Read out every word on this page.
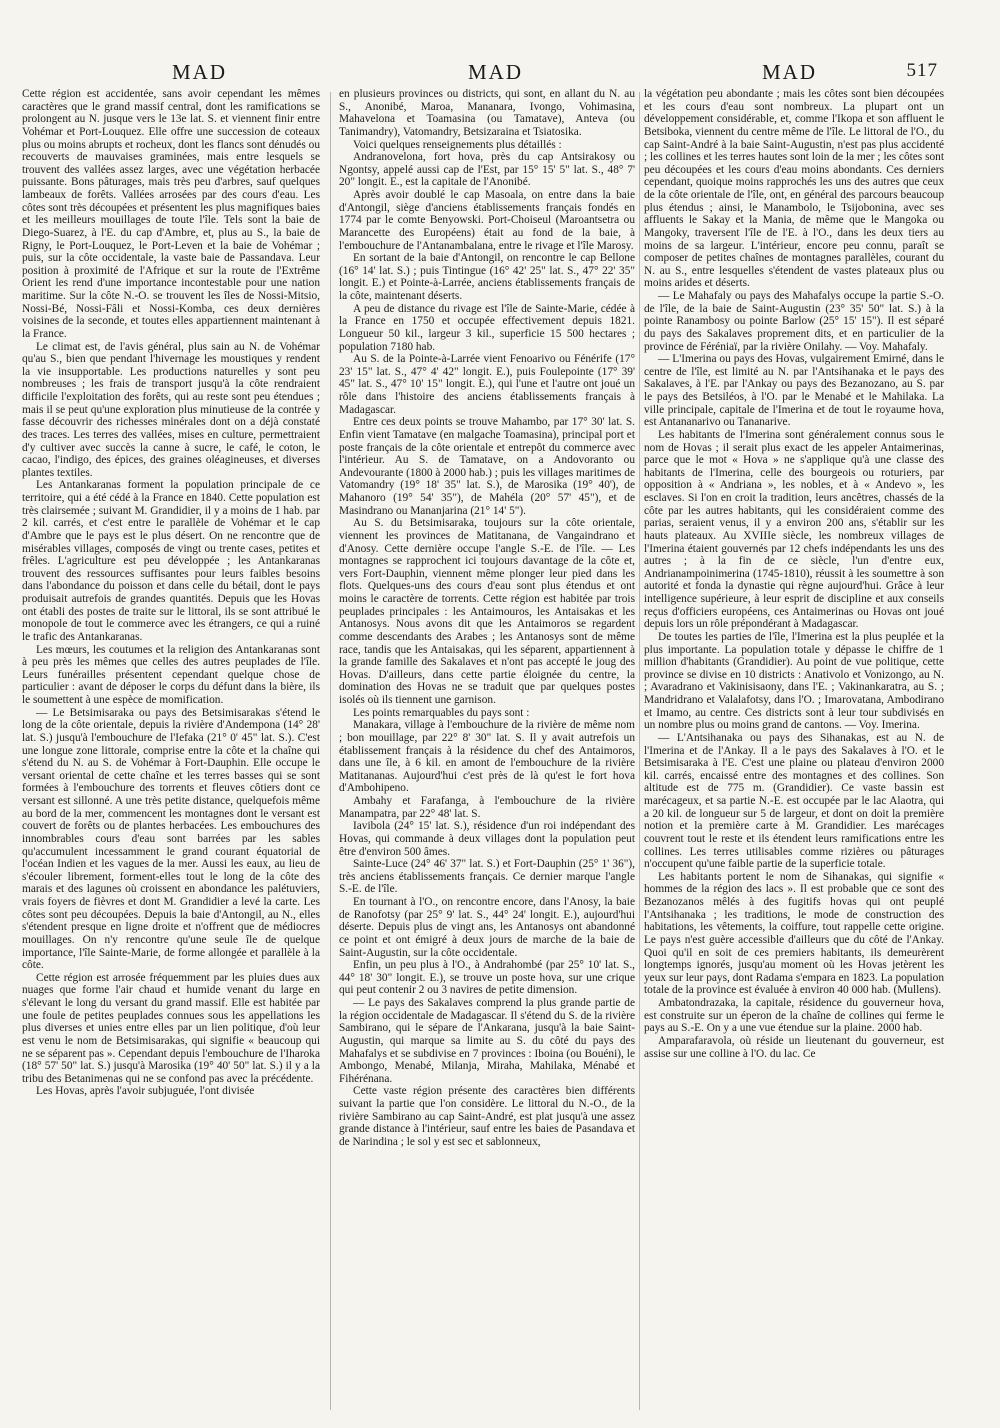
MAD	MAD	MAD	517

Cette région est accidentée, sans avoir cependant les mêmes caractères que le grand massif central, dont les ramifications se prolongent au N. jusque vers le 13e lat. S. et viennent finir entre Vohémar et Port-Louquez. Elle offre une succession de coteaux plus ou moins abrupts et rocheux, dont les flancs sont dénudés ou recouverts de mauvaises graminées, mais entre lesquels se trouvent des vallées assez larges, avec une végétation herbacée puissante. Bons pâturages, mais très peu d'arbres, sauf quelques lambeaux de forêts. Vallées arrosées par des cours d'eau. Les côtes sont très découpées et présentent les plus magnifiques baies et les meilleurs mouillages de toute l'île. Tels sont la baie de Diego-Suarez, à l'E. du cap d'Ambre, et, plus au S., la baie de Rigny, le Port-Louquez, le Port-Leven et la baie de Vohémar ; puis, sur la côte occidentale, la vaste baie de Passandava. Leur position à proximité de l'Afrique et sur la route de l'Extrême Orient les rend d'une importance incontestable pour une nation maritime. Sur la côte N.-O. se trouvent les îles de Nossi-Mitsio, Nossi-Bé, Nossi-Fâli et Nossi-Komba, ces deux dernières voisines de la seconde, et toutes elles appartiennent maintenant à la France.

Le climat est, de l'avis général, plus sain au N. de Vohémar qu'au S., bien que pendant l'hivernage les moustiques y rendent la vie insupportable. Les productions naturelles y sont peu nombreuses ; les frais de transport jusqu'à la côte rendraient difficile l'exploitation des forêts, qui au reste sont peu étendues ; mais il se peut qu'une exploration plus minutieuse de la contrée y fasse découvrir des richesses minérales dont on a déjà constaté des traces. Les terres des vallées, mises en culture, permettraient d'y cultiver avec succès la canne à sucre, le café, le coton, le cacao, l'indigo, des épices, des graines oléagineuses, et diverses plantes textiles.

Les Antankaranas forment la population principale de ce territoire, qui a été cédé à la France en 1840. Cette population est très clairsemée ; suivant M. Grandidier, il y a moins de 1 hab. par 2 kil. carrés, et c'est entre le parallèle de Vohémar et le cap d'Ambre que le pays est le plus désert. On ne rencontre que de misérables villages, composés de vingt ou trente cases, petites et frêles. L'agriculture est peu développée ; les Antankaranas trouvent des ressources suffisantes pour leurs faibles besoins dans l'abondance du poisson et dans celle du bétail, dont le pays produisait autrefois de grandes quantités. Depuis que les Hovas ont établi des postes de traite sur le littoral, ils se sont attribué le monopole de tout le commerce avec les étrangers, ce qui a ruiné le trafic des Antankaranas.

Les mœurs, les coutumes et la religion des Antankaranas sont à peu près les mêmes que celles des autres peuplades de l'île. Leurs funérailles présentent cependant quelque chose de particulier : avant de déposer le corps du défunt dans la bière, ils le soumettent à une espèce de momification.

— Le Betsimisaraka ou pays des Betsimisarakas s'étend le long de la côte orientale, depuis la rivière d'Andempona (14° 28' lat. S.) jusqu'à l'embouchure de l'Iefaka (21° 0' 45" lat. S.). C'est une longue zone littorale, comprise entre la côte et la chaîne qui s'étend du N. au S. de Vohémar à Fort-Dauphin. Elle occupe le versant oriental de cette chaîne et les terres basses qui se sont formées à l'embouchure des torrents et fleuves côtiers dont ce versant est sillonné. A une très petite distance, quelquefois même au bord de la mer, commencent les montagnes dont le versant est couvert de forêts ou de plantes herbacées. Les embouchures des innombrables cours d'eau sont barrées par les sables qu'accumulent incessamment le grand courant équatorial de l'océan Indien et les vagues de la mer. Aussi les eaux, au lieu de s'écouler librement, forment-elles tout le long de la côte des marais et des lagunes où croissent en abondance les palétuviers, vrais foyers de fièvres et dont M. Grandidier a levé la carte. Les côtes sont peu découpées. Depuis la baie d'Antongil, au N., elles s'étendent presque en ligne droite et n'offrent que de médiocres mouillages. On n'y rencontre qu'une seule île de quelque importance, l'île Sainte-Marie, de forme allongée et parallèle à la côte.

Cette région est arrosée fréquemment par les pluies dues aux nuages que forme l'air chaud et humide venant du large en s'élevant le long du versant du grand massif. Elle est habitée par une foule de petites peuplades connues sous les appellations les plus diverses et unies entre elles par un lien politique, d'où leur est venu le nom de Betsimisarakas, qui signifie « beaucoup qui ne se séparent pas ». Cependant depuis l'embouchure de l'Iharoka (18° 57' 50" lat. S.) jusqu'à Marosika (19° 40' 50" lat. S.) il y a la tribu des Betanimenas qui ne se confond pas avec la précédente.

Les Hovas, après l'avoir subjuguée, l'ont divisée

en plusieurs provinces ou districts, qui sont, en allant du N. au S., Anonibé, Maroa, Mananara, Ivongo, Vohimasina, Mahavelona et Toamasina (ou Tamatave), Anteva (ou Tanimandry), Vatomandry, Betsizaraina et Tsiatosika.

Voici quelques renseignements plus détaillés :

Andranovelona, fort hova, près du cap Antsirakosy ou Ngontsy, appelé aussi cap de l'Est, par 15° 15' 5" lat. S., 48° 7' 20" longit. E., est la capitale de l'Anonibé.

Après avoir doublé le cap Masoala, on entre dans la baie d'Antongil, siège d'anciens établissements français fondés en 1774 par le comte Benyowski. Port-Choiseul (Maroantsetra ou Marancette des Européens) était au fond de la baie, à l'embouchure de l'Antanambalana, entre le rivage et l'île Marosy.

En sortant de la baie d'Antongil, on rencontre le cap Bellone (16° 14' lat. S.) ; puis Tintingue (16° 42' 25" lat. S., 47° 22' 35" longit. E.) et Pointe-à-Larrée, anciens établissements français de la côte, maintenant déserts.

A peu de distance du rivage est l'île de Sainte-Marie, cédée à la France en 1750 et occupée effectivement depuis 1821. Longueur 50 kil., largeur 3 kil., superficie 15 500 hectares ; population 7180 hab.

Au S. de la Pointe-à-Larrée vient Fenoarivo ou Fénérife (17° 23' 15" lat. S., 47° 4' 42" longit. E.), puis Foulepointe (17° 39' 45" lat. S., 47° 10' 15" longit. E.), qui l'une et l'autre ont joué un rôle dans l'histoire des anciens établissements français à Madagascar.

Entre ces deux points se trouve Mahambo, par 17° 30' lat. S. Enfin vient Tamatave (en malgache Toamasina), principal port et poste français de la côte orientale et entrepôt du commerce avec l'intérieur. Au S. de Tamatave, on a Andovoranto ou Andevourante (1800 à 2000 hab.) ; puis les villages maritimes de Vatomandry (19° 18' 35" lat. S.), de Marosika (19° 40'), de Mahanoro (19° 54' 35"), de Mahéla (20° 57' 45"), et de Masindrano ou Mananjarina (21° 14' 5").

Au S. du Betsimisaraka, toujours sur la côte orientale, viennent les provinces de Matitanana, de Vangaindrano et d'Anosy. Cette dernière occupe l'angle S.-E. de l'île. — Les montagnes se rapprochent ici toujours davantage de la côte et, vers Fort-Dauphin, viennent même plonger leur pied dans les flots. Quelques-uns des cours d'eau sont plus étendus et ont moins le caractère de torrents. Cette région est habitée par trois peuplades principales : les Antaimouros, les Antaisakas et les Antanosys. Nous avons dit que les Antaimoros se regardent comme descendants des Arabes ; les Antanosys sont de même race, tandis que les Antaisakas, qui les séparent, appartiennent à la grande famille des Sakalaves et n'ont pas accepté le joug des Hovas. D'ailleurs, dans cette partie éloignée du centre, la domination des Hovas ne se traduit que par quelques postes isolés où ils tiennent une garnison.

Les points remarquables du pays sont :

Manakara, village à l'embouchure de la rivière de même nom ; bon mouillage, par 22° 8' 30" lat. S. Il y avait autrefois un établissement français à la résidence du chef des Antaimoros, dans une île, à 6 kil. en amont de l'embouchure de la rivière Matitananas. Aujourd'hui c'est près de là qu'est le fort hova d'Ambohipeno.

Ambahy et Farafanga, à l'embouchure de la rivière Manampatra, par 22° 48' lat. S.

Iavibola (24° 15' lat. S.), résidence d'un roi indépendant des Hovas, qui commande à deux villages dont la population peut être d'environ 500 âmes.

Sainte-Luce (24° 46' 37" lat. S.) et Fort-Dauphin (25° 1' 36"), très anciens établissements français. Ce dernier marque l'angle S.-E. de l'île.

En tournant à l'O., on rencontre encore, dans l'Anosy, la baie de Ranofotsy (par 25° 9' lat. S., 44° 24' longit. E.), aujourd'hui déserte. Depuis plus de vingt ans, les Antanosys ont abandonné ce point et ont émigré à deux jours de marche de la baie de Saint-Augustin, sur la côte occidentale.

Enfin, un peu plus à l'O., à Andrahombé (par 25° 10' lat. S., 44° 18' 30" longit. E.), se trouve un poste hova, sur une crique qui peut contenir 2 ou 3 navires de petite dimension.

— Le pays des Sakalaves comprend la plus grande partie de la région occidentale de Madagascar. Il s'étend du S. de la rivière Sambirano, qui le sépare de l'Ankarana, jusqu'à la baie Saint-Augustin, qui marque sa limite au S. du côté du pays des Mahafalys et se subdivise en 7 provinces : Iboina (ou Bouéni), le Ambongo, Menabé, Milanja, Miraha, Mahilaka, Ménabé et Fihérénana.

Cette vaste région présente des caractères bien différents suivant la partie que l'on considère. Le littoral du N.-O., de la rivière Sambirano au cap Saint-André, est plat jusqu'à une assez grande distance à l'intérieur, sauf entre les baies de Pasandava et de Narindina ; le sol y est sec et sablonneux,

la végétation peu abondante ; mais les côtes sont bien découpées et les cours d'eau sont nombreux. La plupart ont un développement considérable, et, comme l'Ikopa et son affluent le Betsiboka, viennent du centre même de l'île. Le littoral de l'O., du cap Saint-André à la baie Saint-Augustin, n'est pas plus accidenté ; les collines et les terres hautes sont loin de la mer ; les côtes sont peu découpées et les cours d'eau moins abondants. Ces derniers cependant, quoique moins rapprochés les uns des autres que ceux de la côte orientale de l'île, ont, en général des parcours beaucoup plus étendus ; ainsi, le Manambolo, le Tsijobonina, avec ses affluents le Sakay et la Mania, de même que le Mangoka ou Mangoky, traversent l'île de l'E. à l'O., dans les deux tiers au moins de sa largeur. L'intérieur, encore peu connu, paraît se composer de petites chaînes de montagnes parallèles, courant du N. au S., entre lesquelles s'étendent de vastes plateaux plus ou moins arides et déserts.

— Le Mahafaly ou pays des Mahafalys occupe la partie S.-O. de l'île, de la baie de Saint-Augustin (23° 35' 50" lat. S.) à la pointe Ranambosy ou pointe Barlow (25° 15' 15"). Il est séparé du pays des Sakalaves proprement dits, et en particulier de la province de Féréniaï, par la rivière Onilahy. — Voy. Mahafaly.

— L'Imerina ou pays des Hovas, vulgairement Emirné, dans le centre de l'île, est limité au N. par l'Antsihanaka et le pays des Sakalaves, à l'E. par l'Ankay ou pays des Bezanozano, au S. par le pays des Betsiléos, à l'O. par le Menabé et le Mahilaka. La ville principale, capitale de l'Imerina et de tout le royaume hova, est Antananarivo ou Tananarive.

Les habitants de l'Imerina sont généralement connus sous le nom de Hovas ; il serait plus exact de les appeler Antaimerinas, parce que le mot « Hova » ne s'applique qu'à une classe des habitants de l'Imerina, celle des bourgeois ou roturiers, par opposition à « Andriana », les nobles, et à « Andevo », les esclaves. Si l'on en croit la tradition, leurs ancêtres, chassés de la côte par les autres habitants, qui les considéraient comme des parias, seraient venus, il y a environ 200 ans, s'établir sur les hauts plateaux. Au XVIIIe siècle, les nombreux villages de l'Imerina étaient gouvernés par 12 chefs indépendants les uns des autres ; à la fin de ce siècle, l'un d'entre eux, Andrianampoinimerina (1745-1810), réussit à les soumettre à son autorité et fonda la dynastie qui règne aujourd'hui. Grâce à leur intelligence supérieure, à leur esprit de discipline et aux conseils reçus d'officiers européens, ces Antaimerinas ou Hovas ont joué depuis lors un rôle prépondérant à Madagascar.

De toutes les parties de l'île, l'Imerina est la plus peuplée et la plus importante. La population totale y dépasse le chiffre de 1 million d'habitants (Grandidier). Au point de vue politique, cette province se divise en 10 districts : Anativolo et Vonizongo, au N. ; Avaradrano et Vakinisisaony, dans l'E. ; Vakinankaratra, au S. ; Mandridrano et Valalafotsy, dans l'O. ; Imarovatana, Ambodirano et Imamo, au centre. Ces districts sont à leur tour subdivisés en un nombre plus ou moins grand de cantons. — Voy. Imerina.

— L'Antsihanaka ou pays des Sihanakas, est au N. de l'Imerina et de l'Ankay. Il a le pays des Sakalaves à l'O. et le Betsimisaraka à l'E. C'est une plaine ou plateau d'environ 2000 kil. carrés, encaissé entre des montagnes et des collines. Son altitude est de 775 m. (Grandidier). Ce vaste bassin est marécageux, et sa partie N.-E. est occupée par le lac Alaotra, qui a 20 kil. de longueur sur 5 de largeur, et dont on doit la première notion et la première carte à M. Grandidier. Les marécages couvrent tout le reste et ils étendent leurs ramifications entre les collines. Les terres utilisables comme rizières ou pâturages n'occupent qu'une faible partie de la superficie totale.

Les habitants portent le nom de Sihanakas, qui signifie « hommes de la région des lacs ». Il est probable que ce sont des Bezanozanos mêlés à des fugitifs hovas qui ont peuplé l'Antsihanaka ; les traditions, le mode de construction des habitations, les vêtements, la coiffure, tout rappelle cette origine. Le pays n'est guère accessible d'ailleurs que du côté de l'Ankay. Quoi qu'il en soit de ces premiers habitants, ils demeurèrent longtemps ignorés, jusqu'au moment où les Hovas jetèrent les yeux sur leur pays, dont Radama s'empara en 1823. La population totale de la province est évaluée à environ 40 000 hab. (Mullens).

Ambatondrazaka, la capitale, résidence du gouverneur hova, est construite sur un éperon de la chaîne de collines qui ferme le pays au S.-E. On y a une vue étendue sur la plaine. 2000 hab.

Amparafaravola, où réside un lieutenant du gouverneur, est assise sur une colline à l'O. du lac. Ce
